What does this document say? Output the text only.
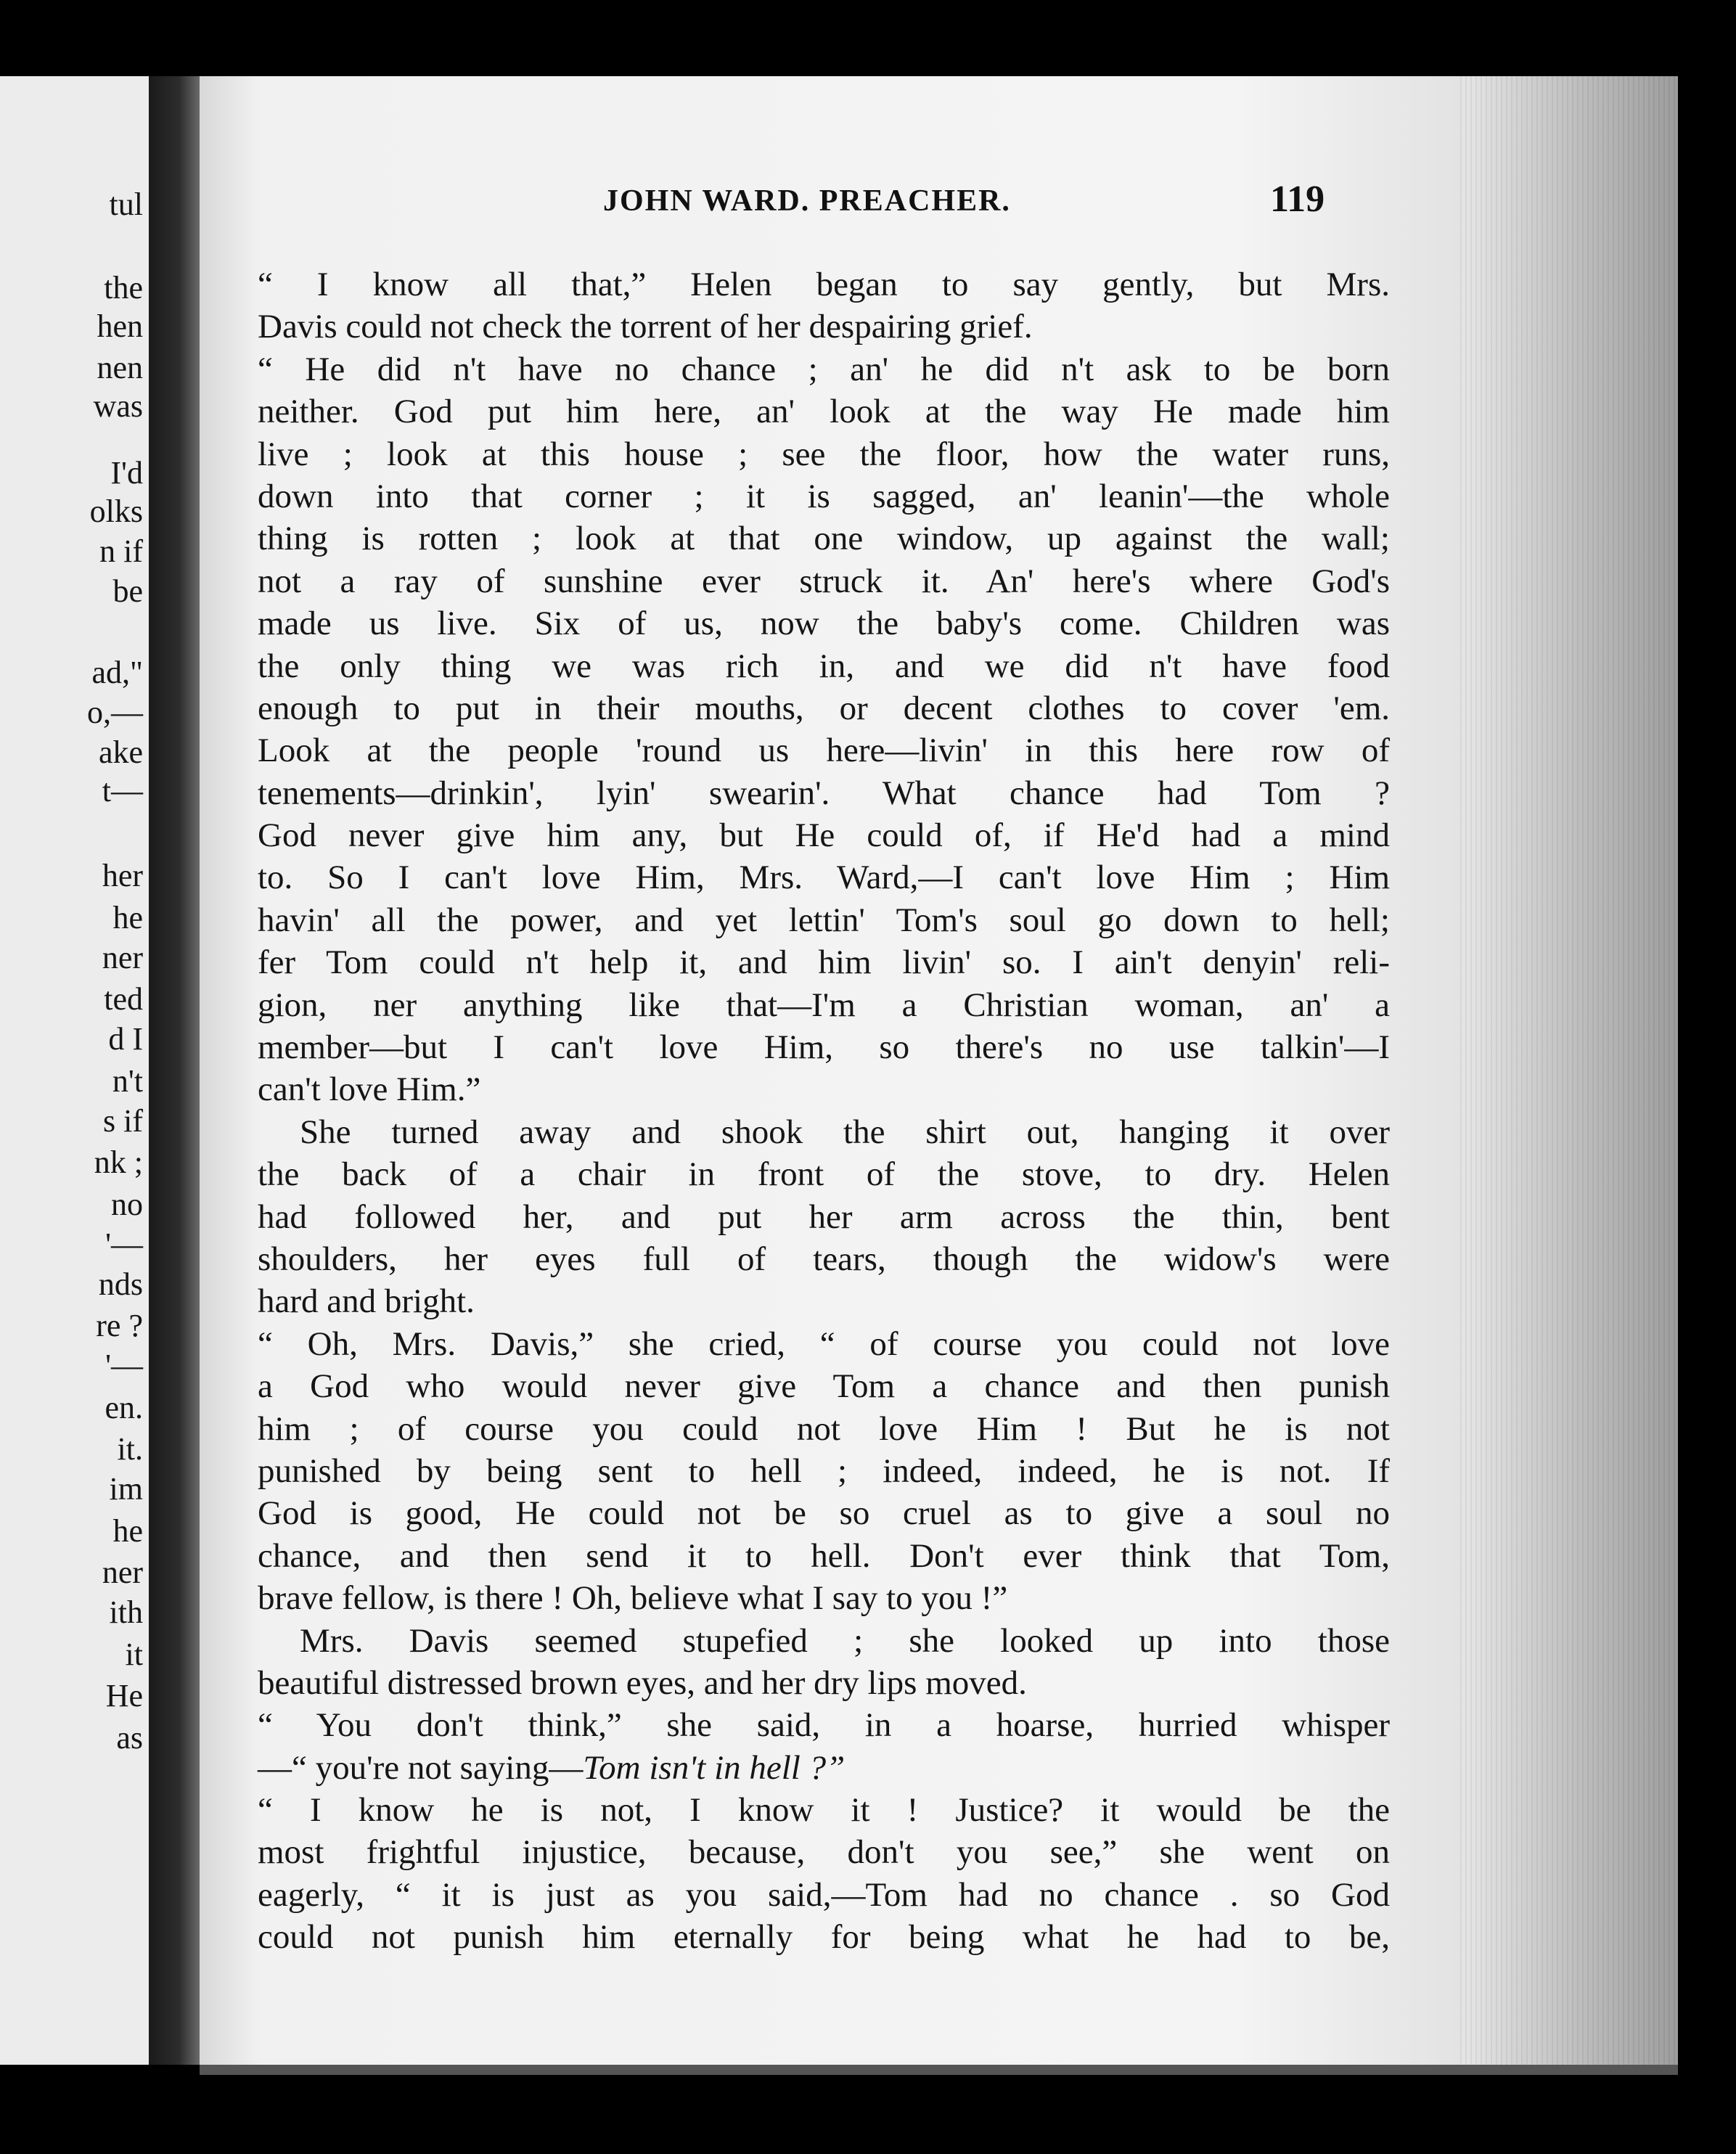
tul
the
hen
nen
was
I'd
olks
n if
be
ad,"
o,—
ake
t—
her
he
ner
ted
d I
n't
s if
nk ;
no
'—
nds
re ?
'—
en.
it.
im
he
ner
ith
it
He
as
JOHN WARD. PREACHER.	119
“ I know all that,” Helen began to say gently, but Mrs.
Davis could not check the torrent of her despairing grief.
“ He did n't have no chance ; an' he did n't ask to be born
neither. God put him here, an' look at the way He made him
live ; look at this house ; see the floor, how the water runs,
down into that corner ; it is sagged, an' leanin'—the whole
thing is rotten ; look at that one window, up against the wall;
not a ray of sunshine ever struck it. An' here's where God's
made us live. Six of us, now the baby's come. Children was
the only thing we was rich in, and we did n't have food
enough to put in their mouths, or decent clothes to cover 'em.
Look at the people 'round us here—livin' in this here row of
tenements—drinkin', lyin' swearin'. What chance had Tom ?
God never give him any, but He could of, if He'd had a mind
to. So I can't love Him, Mrs. Ward,—I can't love Him ; Him
havin' all the power, and yet lettin' Tom's soul go down to hell;
fer Tom could n't help it, and him livin' so. I ain't denyin' reli-
gion, ner anything like that—I'm a Christian woman, an' a
member—but I can't love Him, so there's no use talkin'—I
can't love Him.”
She turned away and shook the shirt out, hanging it over
the back of a chair in front of the stove, to dry. Helen
had followed her, and put her arm across the thin, bent
shoulders, her eyes full of tears, though the widow's were
hard and bright.
“ Oh, Mrs. Davis,” she cried, “ of course you could not love
a God who would never give Tom a chance and then punish
him ; of course you could not love Him ! But he is not
punished by being sent to hell ; indeed, indeed, he is not. If
God is good, He could not be so cruel as to give a soul no
chance, and then send it to hell. Don't ever think that Tom,
brave fellow, is there ! Oh, believe what I say to you !”
Mrs. Davis seemed stupefied ; she looked up into those
beautiful distressed brown eyes, and her dry lips moved.
“ You don't think,” she said, in a hoarse, hurried whisper
—“ you're not saying—Tom isn't in hell ?”
“ I know he is not, I know it ! Justice? it would be the
most frightful injustice, because, don't you see,” she went on
eagerly, “ it is just as you said,—Tom had no chance . so God
could not punish him eternally for being what he had to be,
